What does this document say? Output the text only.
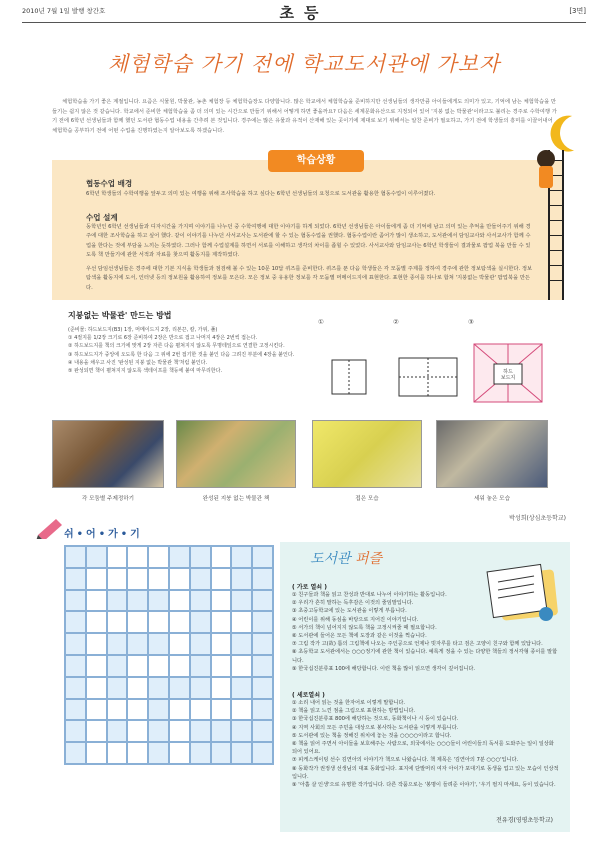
2010년 7월 1일 발행 창간호	초등	[3면]
체험학습 가기 전에 학교도서관에 가보자
체험학습을 가기 좋은 계절입니다. 요즘은 식물원, 박물관, 농촌 체험장 등 체험학습장도 다양합니다. 많은 학교에서 체험학습을 준비하지만 선생님들의 생각만큼 아이들에게도 의미가 있고, 기억에 남는 체험학습을 만들기는 쉽지 않은 것 같습니다. 학교에서 준비한 체험학습을 좀 더 의미 있는 시간으로 만들기 위해서 어떻게 하면 좋을까요? 다음은 세계문화유산으로 지정되어 있어 '지붕 없는 박물관'이라고도 불리는 경주로 수학여행 가기 전에 6학년 선생님들과 함께 했던 도서관 협동수업 내용을 간추려 본 것입니다. 경주에는 많은 유물과 유적이 산재해 있는 곳이기에 제대로 보기 위해서는 알찬 준비가 필요하고, 가기 전에 학생들의 흥미를 이끌어내어 체험학습 공부하기 전에 어떤 수업을 진행하였는지 알아보도록 하겠습니다.
협동수업 배경
6학년 학생들의 수학여행을 앞두고 의미 있는 여행을 위해 조사학습을 하고 싶다는 6학년 선생님들의 요청으로 도서관을 활용한 협동수업이 이루어졌다.
수업 설계
동학년인 6학년 선생님들과 디자시간을 가지며 이야기를 나누던 중 수학여행에 대한 이야기를 하게 되었다. 6학년 선생님들은 아이들에게 좀 더 기억에 남고 의미 있는 추억을 만들어주기 위해 경주에 대한 조사학습을 하고 싶어 했다. 같이 이야기를 나누던 사서교사는 도서관에 할 수 있는 협동수업을 권했다. 협동수업이란 좀어가 많이 생소하고, 도서관에서 담임교사와 사서교사가 함께 수업을 한다는 것에 부담을 느끼는 듯하였다. 그러나 함께 수업설계를 하면서 서로를 이해하고 생각의 차이를 좁힐 수 있었다. 사서교사와 담임교사는 6학년 학생들이 결과물로 팝업 북을 만들 수 있도록 책 만들기에 관한 서적과 자료를 찾으며 활동지를 제작하였다.
우선 담임선생님들은 경주에 대한 기본 지식을 학생들과 점검해 볼 수 있는 10문 10답 퀴즈를 준비한다. 퀴즈를 푼 다음 학생들은 각 모둠별 주제를 정하여 경주에 관한 정보탐색을 실시한다. 정보탐색을 활동지에 도서, 인터넷 등의 정보원을 활용하여 정보를 모은다. 모은 정보 중 유용한 정보를 각 모둠별 머메이드지에 표현한다. 표현한 종이를 하나로 합쳐 '지붕없는 박물관' 팝업북을 만든다.
학습상황
지붕없는 박물관' 만드는 방법
(준비물: 하드보드지(B3) 1장, 머메이드지 2장, 리본끈, 칼, 가위, 풀)
① 4절지를 1/2장 크기로 6장 준비하여 2장은 반으로 접고 나머지 4장은 2번씩 접는다.
② 하드보드지를 책의 크기에 맞게 2장 자른 다음 펼쳐지지 않도록 무명테잎으로 연결한 고정시킨다.
③ 하드보드지가 중앙에 오도록 한 다음 그 위에 2번 접기한 것을 붙인 다음 그려진 부분에 4장을 붙인다.
④ 내용을 채우고 사진 '완성된 지붕 없는 박물관 책'처럼 붙인다.
⑤ 완성되면 책이 펼쳐지지 않도록 색테이프를 책등에 붙여 마무리한다.
①	②	③
하드
보드지
각 모둠별 주제정하기	완성된 지붕 없는 박물관 책	접은 모습	세워 놓은 모습
박성희(상심초등학교)
쉬•어•가•기
도서관 퍼즐
( 가로 열쇠 )
① 친구들과 책을 읽고 찬성과 반대로 나누어 이야기하는 활동입니다.
② 우리가 흔히 말하는 독후감은 이것의 줄임말입니다.
③ 초중고등학교에 있는 도서관을 이렇게 부릅니다.
④ 어린이를 위해 동심을 바탕으로 지어진 이야기입니다.
⑤ 서가의 책이 넘어지지 않도록 책을 고정시켜줄 때 필요합니다.
⑥ 도서관에 들어온 모든 책에 도장과 같은 이것을 찍습니다.
⑦ 그림 작가 고(故) 톰의 그림책에 나오는 주인공으로 언제나 빗자루를 타고 검은 고양이 친구와 함께 있답니다.
⑧ 초등학교 도서관에서는 ○○○정기에 관한 책이 있습니다. 예록게 정을 수 있는 다양한 책들의 정서각형 종이를 말합니다.
⑨ 한국십진분류표 100에 해당합니다. 이런 책을 많이 읽으면 생각이 깊어집니다.
( 세로열쇠 )
① 소리 내어 읽는 것을 한자어로 이렇게 말합니다.
② 책을 읽고 느낀 점을 그림으로 표현하는 방법입니다.
③ 한국십진분류표 800에 해당하는 것으로, 동화책이나 시 등이 있습니다.
④ 지역 사회의 모든 주민을 대상으로 봉사하는 도서관을 이렇게 부릅니다.
⑤ 도서관에 있는 책을 정해진 위치에 놓는 것을 ○○○○이라고 합니다.
⑥ 책을 읽어 주면서 아이들을 보호해주는 사람으로, 외국에서는 ○○○들이 어린이들의 독서를 도와주는 일이 일상화 되어 있어요.
⑦ 피케스케이팅 선수 김연아의 이야기가 책으로 나왔습니다. 책 제목은 '김연아의 7분 ○○○'입니다.
⑧ 동화작가 권정생 선생님의 대표 동화입니다. 표지에 단발머리 여자 아이가 포대기로 동생을 업고 있는 모습이 인상적입니다.
⑨ '아홉 살 인생'으로 유명한 작가입니다. 다른 작품으로는 '봉명이 들려준 이야기', '우기 펄지 마세요, 등이 있습니다.
전유경(영평초등학교)
